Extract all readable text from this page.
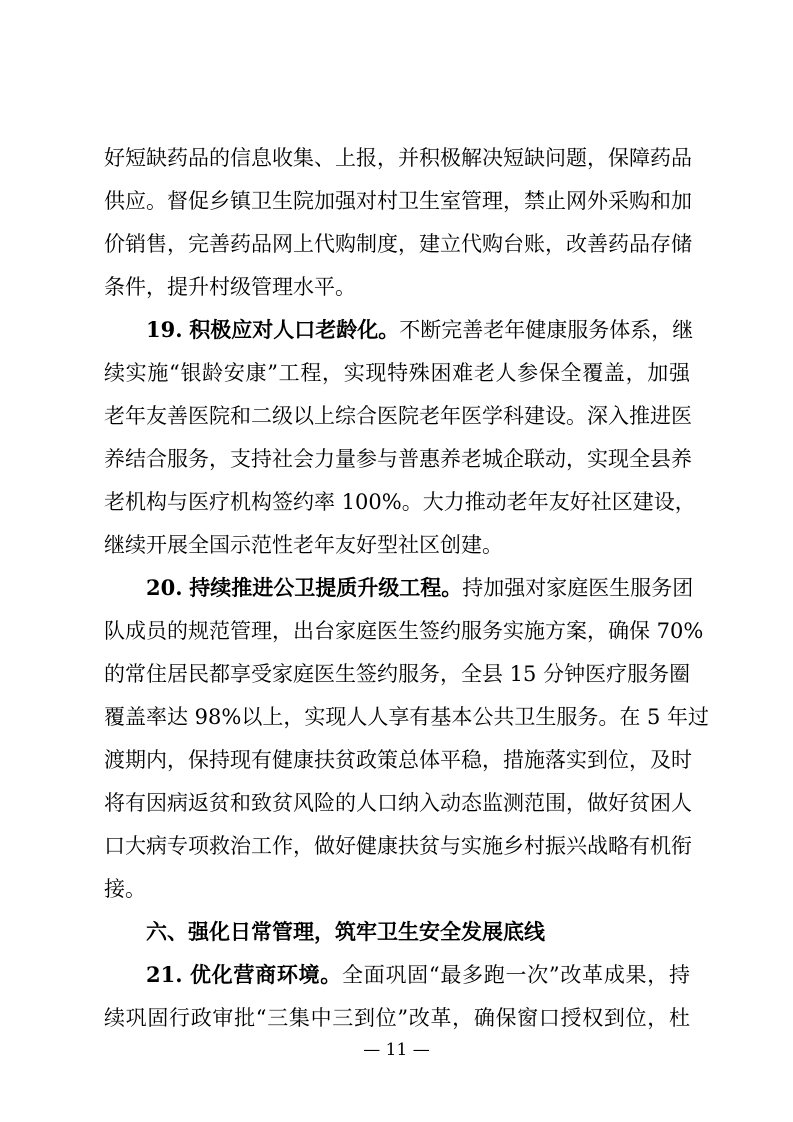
好短缺药品的信息收集、上报，并积极解决短缺问题，保障药品
供应。督促乡镇卫生院加强对村卫生室管理，禁止网外采购和加
价销售，完善药品网上代购制度，建立代购台账，改善药品存储
条件，提升村级管理水平。
19. 积极应对人口老龄化。不断完善老年健康服务体系，继
续实施“银龄安康”工程，实现特殊困难老人参保全覆盖，加强
老年友善医院和二级以上综合医院老年医学科建设。深入推进医
养结合服务，支持社会力量参与普惠养老城企联动，实现全县养
老机构与医疗机构签约率 100%。大力推动老年友好社区建设，
继续开展全国示范性老年友好型社区创建。
20. 持续推进公卫提质升级工程。持加强对家庭医生服务团
队成员的规范管理，出台家庭医生签约服务实施方案，确保 70%
的常住居民都享受家庭医生签约服务，全县 15 分钟医疗服务圈
覆盖率达 98%以上，实现人人享有基本公共卫生服务。在 5 年过
渡期内，保持现有健康扶贫政策总体平稳，措施落实到位，及时
将有因病返贫和致贫风险的人口纳入动态监测范围，做好贫困人
口大病专项救治工作，做好健康扶贫与实施乡村振兴战略有机衔
接。
六、强化日常管理，筑牢卫生安全发展底线
21. 优化营商环境。全面巩固“最多跑一次”改革成果，持
— 11 —
续巩固行政审批“三集中三到位”改革，确保窗口授权到位，杜
